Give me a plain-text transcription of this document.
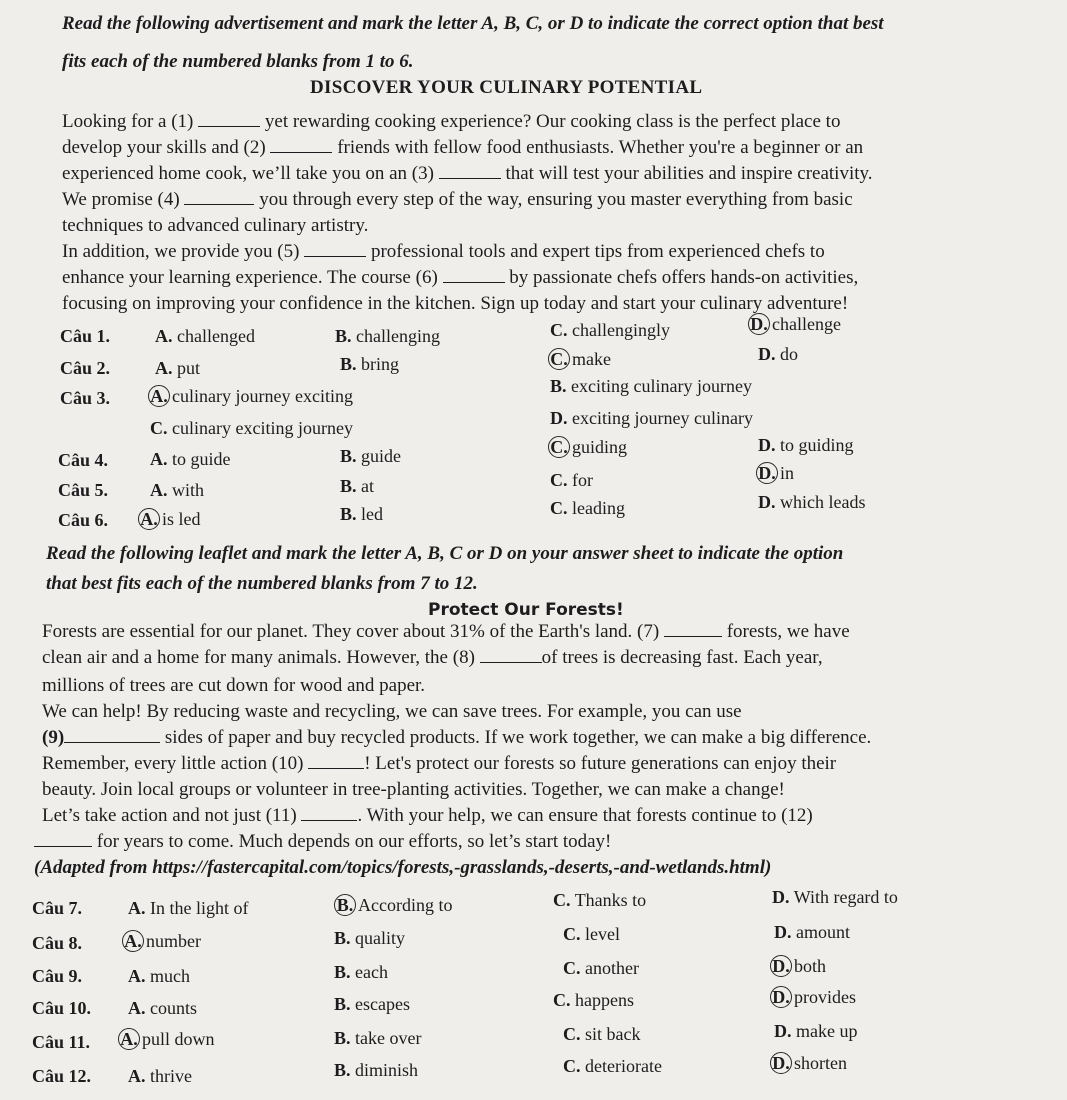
Read the following advertisement and mark the letter A, B, C, or D to indicate the correct option that best
fits each of the numbered blanks from 1 to 6.
DISCOVER YOUR CULINARY POTENTIAL
Looking for a (1)	yet rewarding cooking experience? Our cooking class is the perfect place to
develop your skills and (2)	friends with fellow food enthusiasts. Whether you're a beginner or an
experienced home cook, we’ll take you on an (3)	that will test your abilities and inspire creativity.
We promise (4)	you through every step of the way, ensuring you master everything from basic
techniques to advanced culinary artistry.
In addition, we provide you (5)	professional tools and expert tips from experienced chefs to
enhance your learning experience. The course (6)	by passionate chefs offers hands-on activities,
focusing on improving your confidence in the kitchen. Sign up today and start your culinary adventure!
Câu 1. A. challenged	B. challenging	C. challengingly	D. challenge
Câu 2. A. put	B. bring	C. make	D. do
Câu 3. A. culinary journey exciting	B. exciting culinary journey
C. culinary exciting journey	D. exciting journey culinary
Câu 4. A. to guide	B. guide	C. guiding	D. to guiding
Câu 5. A. with	B. at	C. for	D. in
Câu 6. A. is led	B. led	C. leading	D. which leads
Read the following leaflet and mark the letter A, B, C or D on your answer sheet to indicate the option
that best fits each of the numbered blanks from 7 to 12.
Protect Our Forests!
Forests are essential for our planet. They cover about 31% of the Earth's land. (7)	forests, we have
clean air and a home for many animals. However, the (8)	of trees is decreasing fast. Each year,
millions of trees are cut down for wood and paper.
We can help! By reducing waste and recycling, we can save trees. For example, you can use
(9)	sides of paper and buy recycled products. If we work together, we can make a big difference.
Remember, every little action (10)	! Let's protect our forests so future generations can enjoy their
beauty. Join local groups or volunteer in tree-planting activities. Together, we can make a change!
Let’s take action and not just (11)	. With your help, we can ensure that forests continue to (12)
for years to come. Much depends on our efforts, so let’s start today!
(Adapted from https://fastercapital.com/topics/forests,-grasslands,-deserts,-and-wetlands.html)
Câu 7.	A. In the light of	B. According to	C. Thanks to	D. With regard to
Câu 8. A. number	B. quality	C. level	D. amount
Câu 9.	A. much	B. each	C. another	D. both
Câu 10. A. counts	B. escapes	C. happens	D. provides
Câu 11. A. pull down	B. take over	C. sit back	D. make up
Câu 12. A. thrive	B. diminish	C. deteriorate	D. shorten
